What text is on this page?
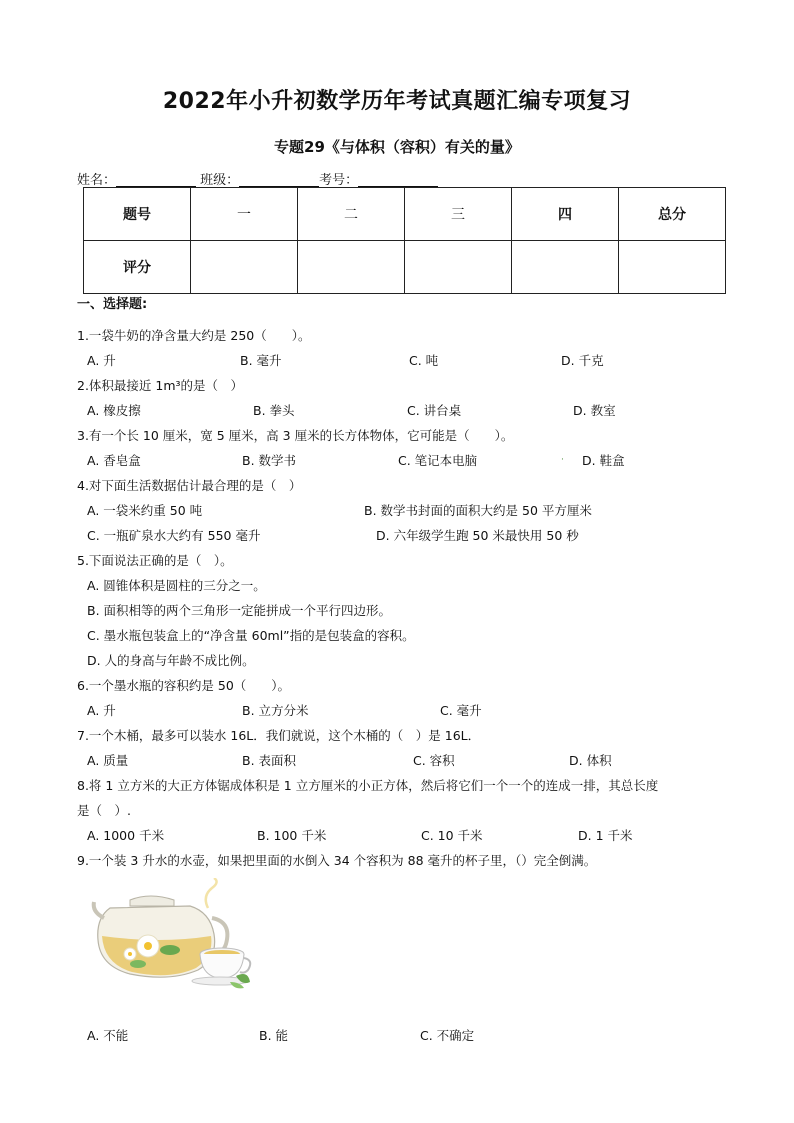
2022年小升初数学历年考试真题汇编专项复习
专题29《与体积（容积）有关的量》
姓名：	班级：	考号：
题号	一	二	三	四	总分
评分					
一、选择题:
1.一袋牛奶的净含量大约是 250（　　）。
A. 升	B. 毫升	C. 吨	D. 千克
2.体积最接近 1m³的是（　）
A. 橡皮擦	B. 拳头	C. 讲台桌	D. 教室
3.有一个长 10 厘米，宽 5 厘米，高 3 厘米的长方体物体，它可能是（　　）。
A. 香皂盒	B. 数学书	C. 笔记本电脑	· D. 鞋盒
4.对下面生活数据估计最合理的是（　）
A. 一袋米约重 50 吨	B. 数学书封面的面积大约是 50 平方厘米
C. 一瓶矿泉水大约有 550 毫升	D. 六年级学生跑 50 米最快用 50 秒
5.下面说法正确的是（　）。
A. 圆锥体积是圆柱的三分之一。
B. 面积相等的两个三角形一定能拼成一个平行四边形。
C. 墨水瓶包装盒上的“净含量 60ml”指的是包装盒的容积。
D. 人的身高与年龄不成比例。
6.一个墨水瓶的容积约是 50（　　）。
A. 升	B. 立方分米	C. 毫升
7.一个木桶，最多可以装水 16L．我们就说，这个木桶的（　）是 16L．
A. 质量	B. 表面积	C. 容积	D. 体积
8.将 1 立方米的大正方体锯成体积是 1 立方厘米的小正方体，然后将它们一个一个的连成一排，其总长度
是（　）.
A. 1000 千米	B. 100 千米	C. 10 千米	D. 1 千米
9.一个装 3 升水的水壶，如果把里面的水倒入 34 个容积为 88 毫升的杯子里，（）完全倒满。
A. 不能	B. 能	C. 不确定
